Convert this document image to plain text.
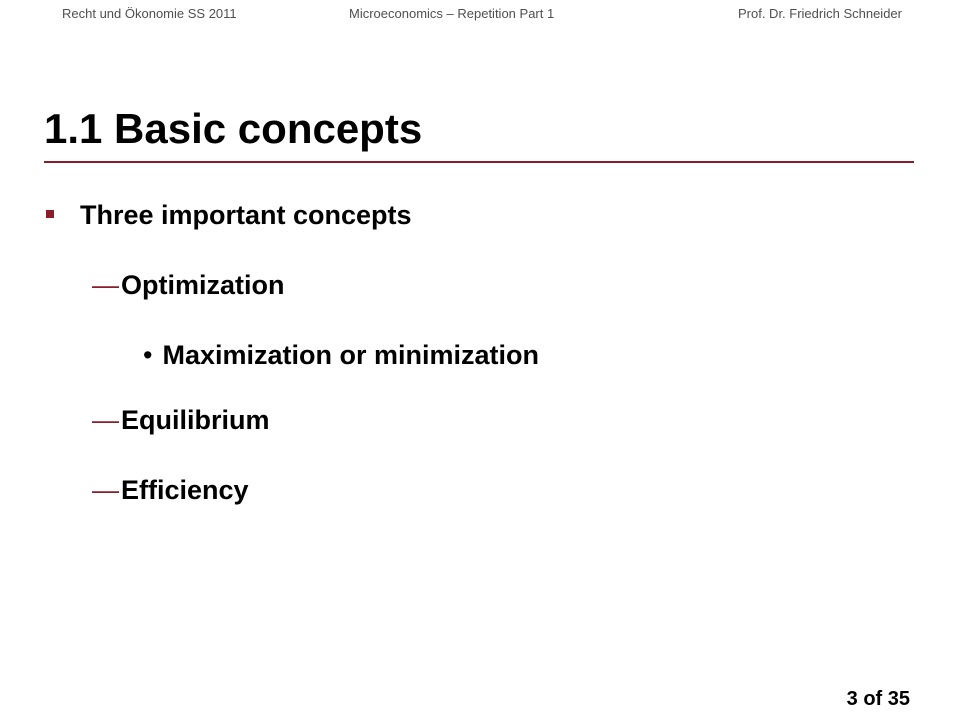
Recht und Ökonomie SS 2011	Microeconomics – Repetition Part 1	Prof. Dr. Friedrich Schneider
1.1 Basic concepts
Three important concepts
— Optimization
• Maximization or minimization
— Equilibrium
— Efficiency
3 of 35
